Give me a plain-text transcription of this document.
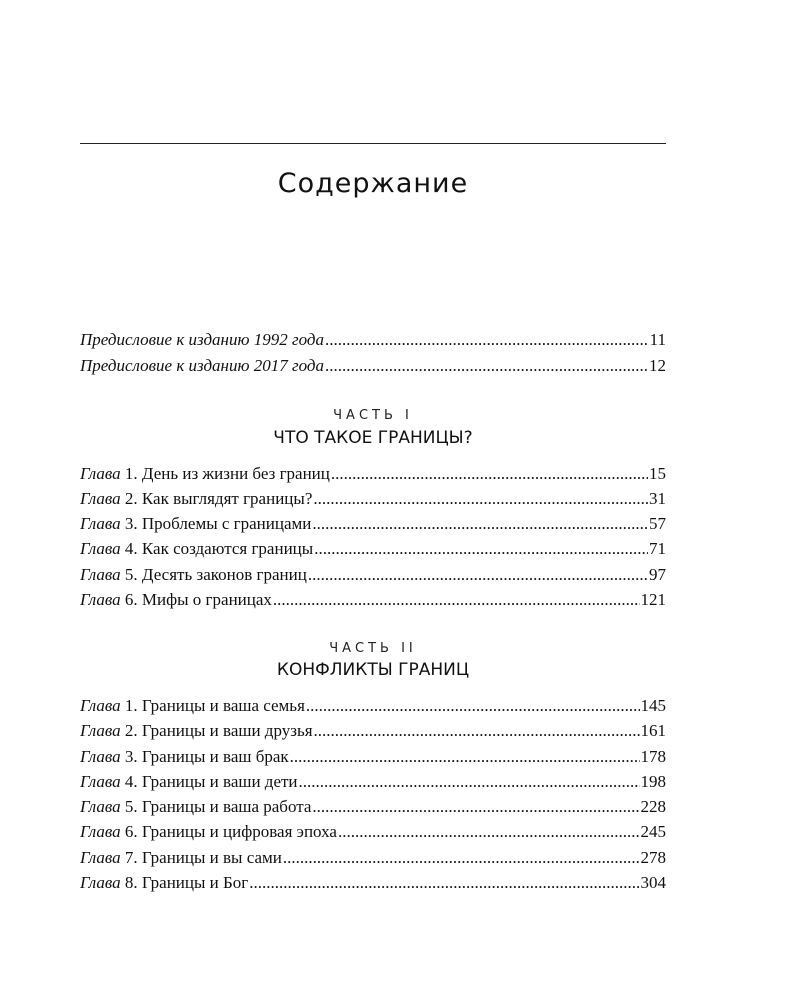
Содержание
Предисловие к изданию 1992 года .....	11
Предисловие к изданию 2017 года .....	12
ЧАСТЬ I
ЧТО ТАКОЕ ГРАНИЦЫ?
Глава 1. День из жизни без границ .....	15
Глава 2. Как выглядят границы? .....	31
Глава 3. Проблемы с границами .....	57
Глава 4. Как создаются границы .....	71
Глава 5. Десять законов границ .....	97
Глава 6. Мифы о границах .....	121
ЧАСТЬ II
КОНФЛИКТЫ ГРАНИЦ
Глава 1. Границы и ваша семья .....	145
Глава 2. Границы и ваши друзья .....	161
Глава 3. Границы и ваш брак .....	178
Глава 4. Границы и ваши дети .....	198
Глава 5. Границы и ваша работа .....	228
Глава 6. Границы и цифровая эпоха .....	245
Глава 7. Границы и вы сами .....	278
Глава 8. Границы и Бог .....	304
